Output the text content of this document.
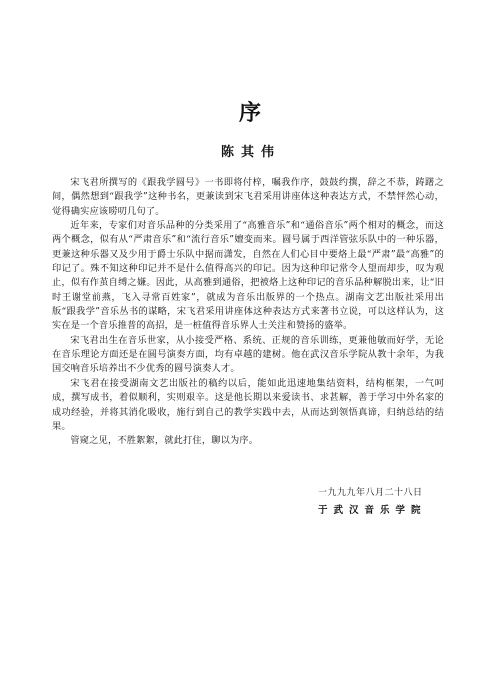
序
陈其伟

宋飞君所撰写的《跟我学圆号》一书即将付梓，嘱我作序，鼓鼓约撰，辞之不恭，踌躇之间，偶然想到“跟我学”这种书名，更兼读到宋飞君采用讲座体这种表达方式，不禁怦然心动，觉得确实应该唠叨几句了。

近年来，专家们对音乐品种的分类采用了“高雅音乐”和“通俗音乐”两个相对的概念，而这两个概念，似有从“严肃音乐”和“流行音乐”嬗变而来。圆号属于西洋管弦乐队中的一种乐器，更兼这种乐器又及少用于爵士乐队中据而潇发，自然在人们心目中要烙上最“严肃”最“高雅”的印记了。殊不知这种印记并不是什么值得高兴的印记。因为这种印记常令人望而却步，叹为观止，似有作茧自缚之嫌。因此，从高雅到通俗，把被烙上这种印记的音乐品种解脱出来，让“旧时王谢堂前燕，飞入寻常百姓家”，就成为音乐出版界的一个热点。湖南文艺出版社采用出版“跟我学”音乐丛书的谋略，宋飞君采用讲座体这种表达方式来著书立说，可以这样认为，这实在是一个音乐推普的高招，是一桩值得音乐界人士关注和赞扬的盛举。

宋飞君出生在音乐世家，从小接受严格、系统、正规的音乐训练，更兼他敏而好学，无论在音乐理论方面还是在圆号演奏方面，均有卓越的建树。他在武汉音乐学院从教十余年，为我国交响音乐培养出不少优秀的圆号演奏人才。

宋飞君在接受湖南文艺出版社的稿约以后，能如此迅速地集结资料，结构框架，一气呵成，撰写成书，着似顺利，实则艰辛。这是他长期以来爱读书、求甚解，善于学习中外名家的成功经验，并将其消化吸收，施行到自己的教学实践中去，从而达到领悟真谛，归纳总结的结果。

管窥之见，不胜絮絮，就此打住，聊以为序。

一九九九年八月二十八日
于武汉音乐学院
